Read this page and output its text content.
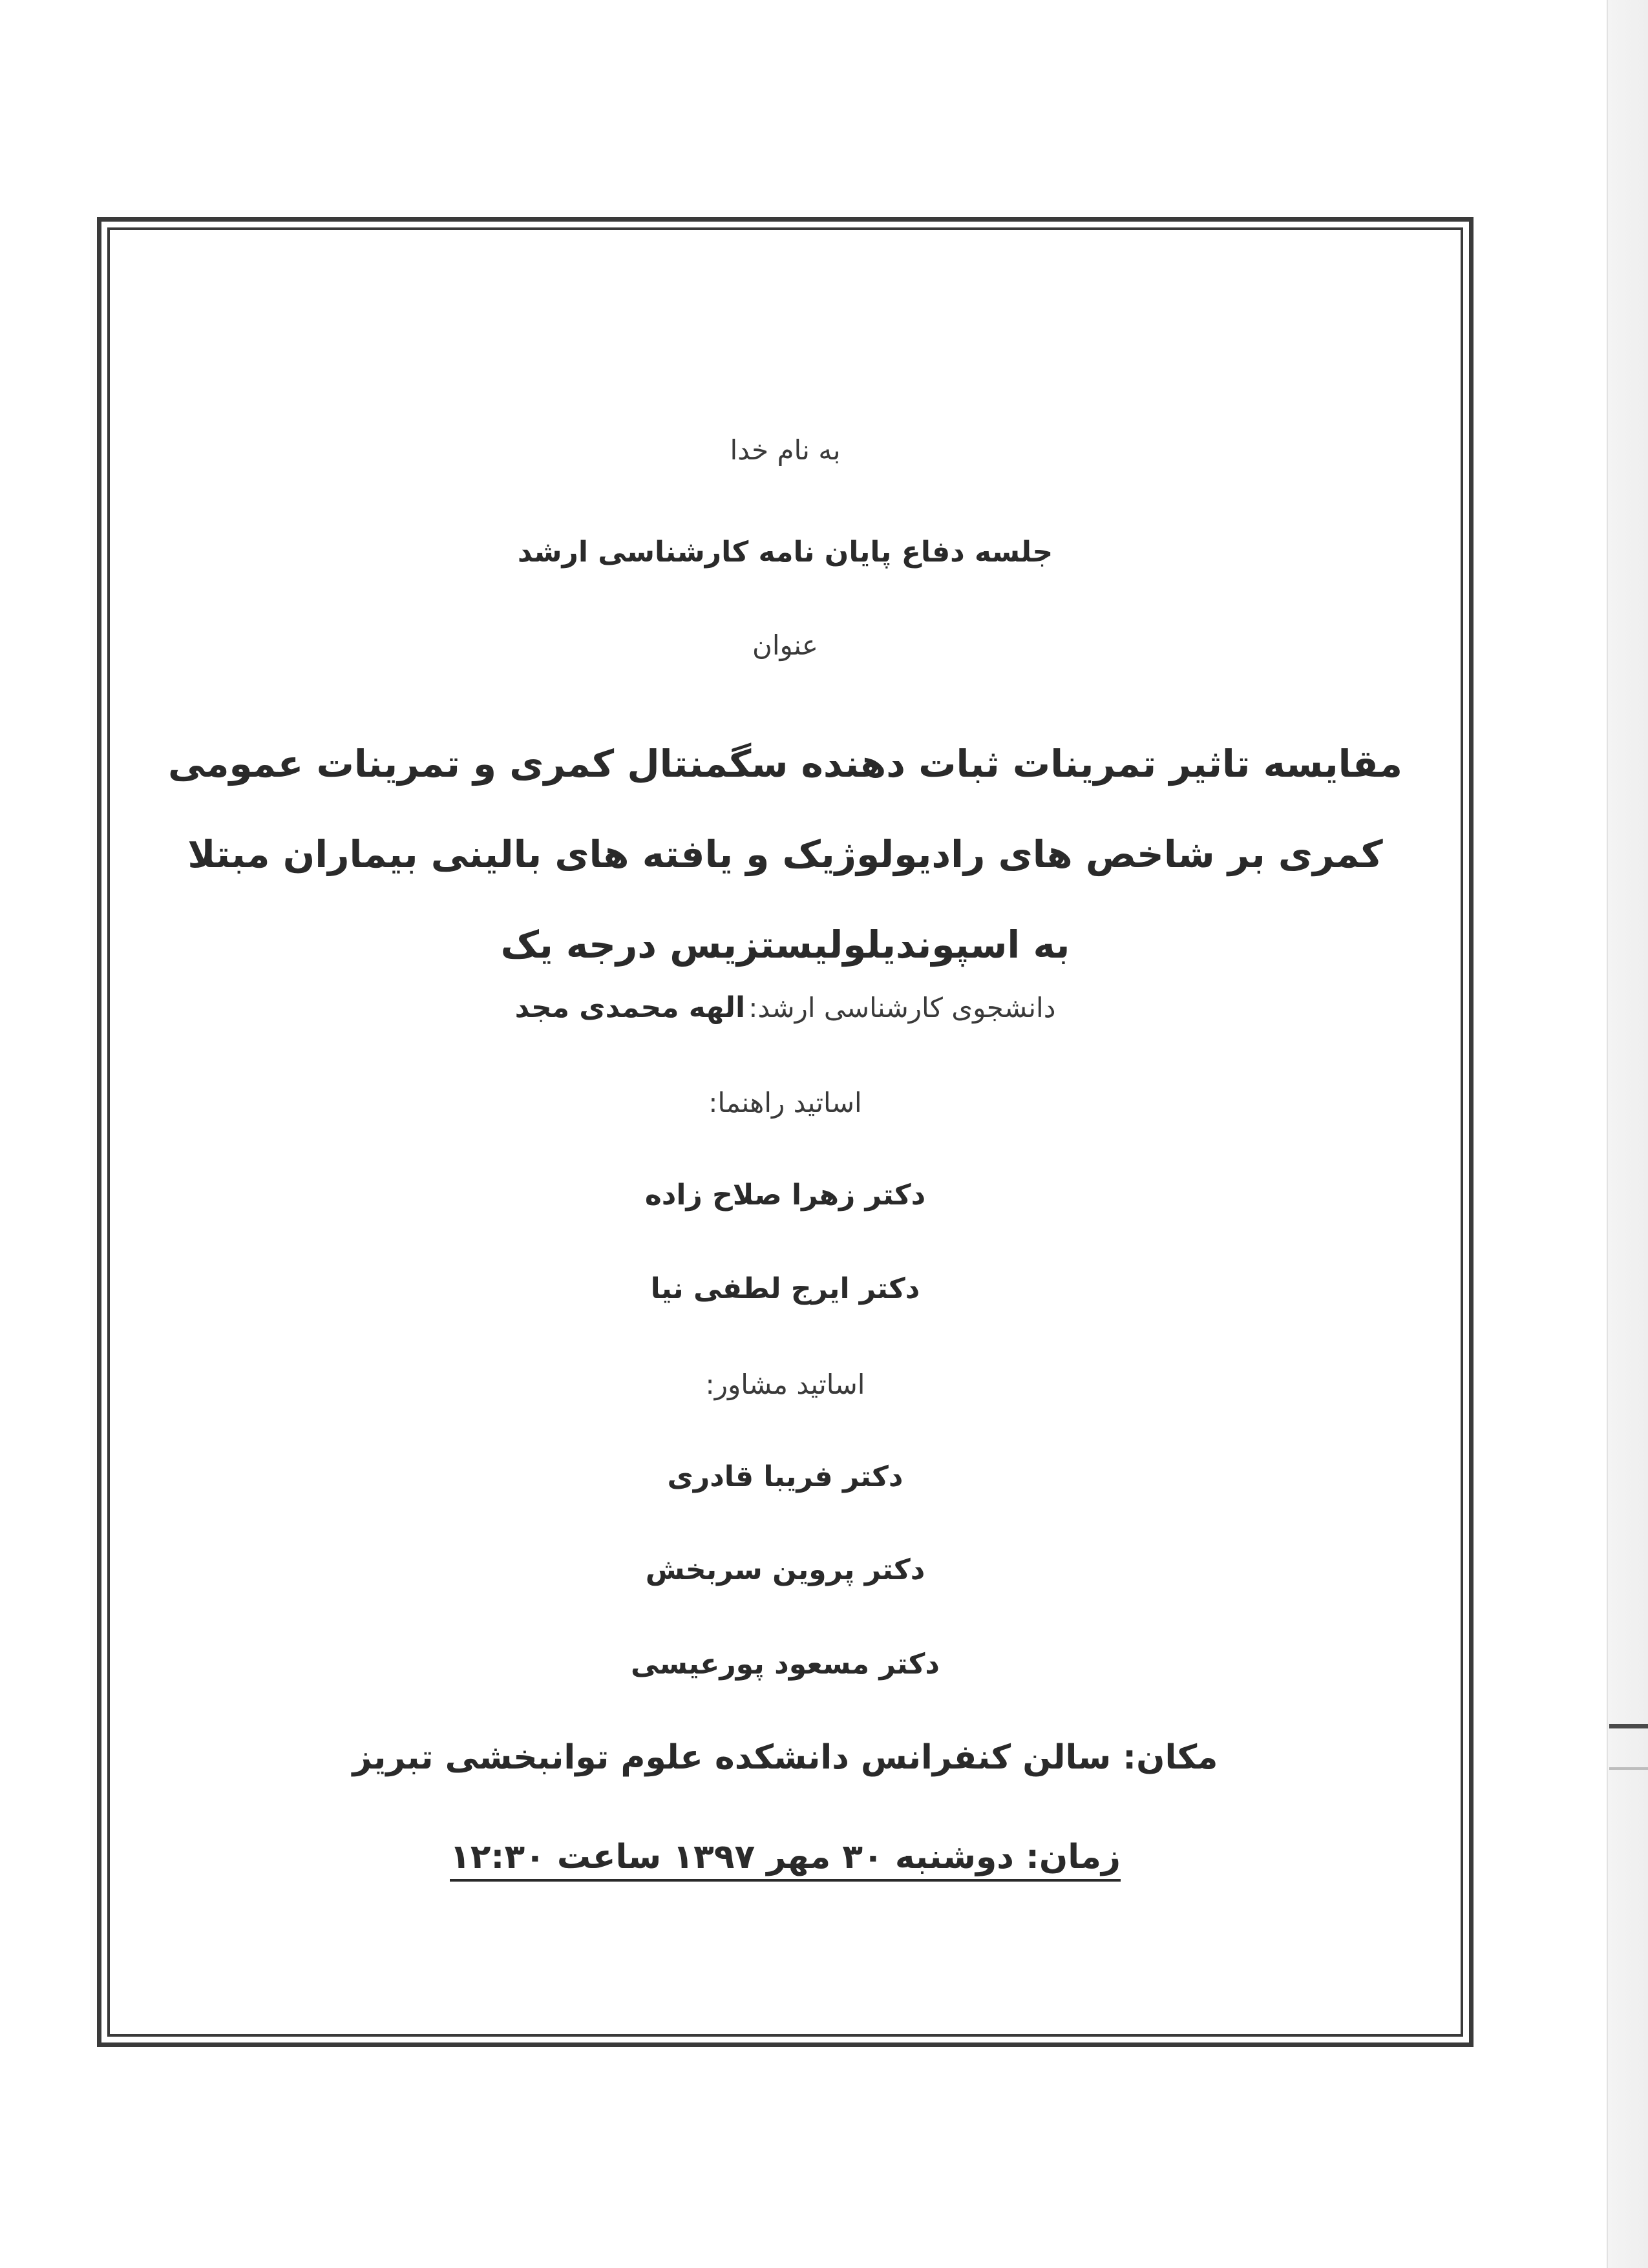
به نام خدا
جلسه دفاع پایان نامه کارشناسی ارشد
عنوان
مقایسه تاثیر تمرینات ثبات دهنده سگمنتال کمری و تمرینات عمومی کمری بر شاخص های رادیولوژیک و یافته های بالینی بیماران مبتلا به اسپوندیلولیستزیس درجه یک
دانشجوی کارشناسی ارشد: الهه محمدی مجد
اساتید راهنما:
دکتر زهرا صلاح زاده
دکتر ایرج لطفی نیا
اساتید مشاور:
دکتر فریبا قادری
دکتر پروین سربخش
دکتر مسعود پورعیسی
مکان: سالن کنفرانس دانشکده علوم توانبخشی تبریز
زمان: دوشنبه ۳۰ مهر ۱۳۹۷ ساعت ۱۲:۳۰
